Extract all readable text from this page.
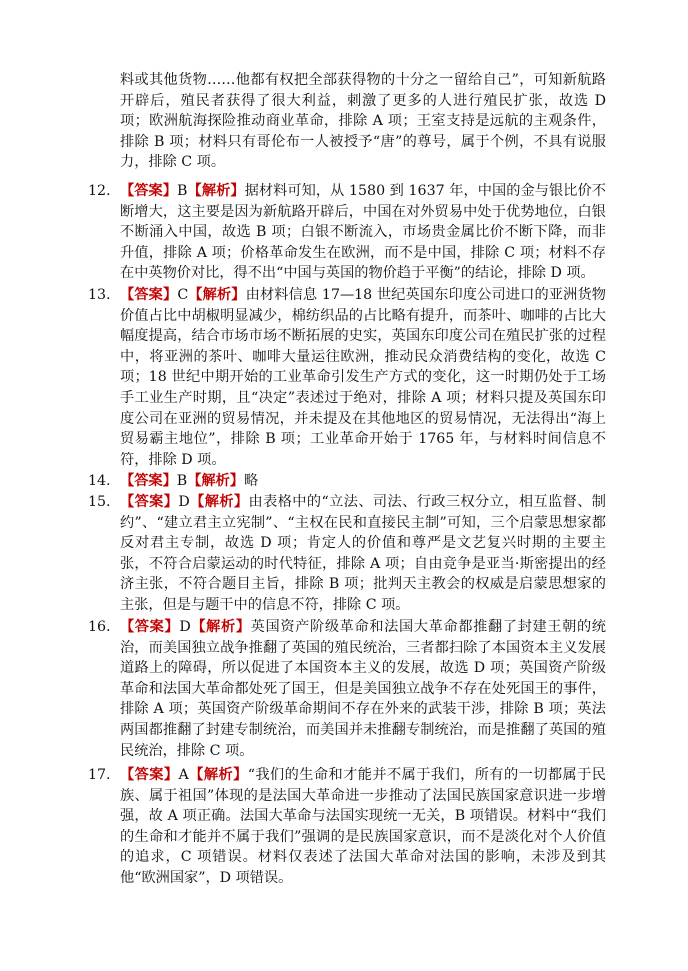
料或其他货物……他都有权把全部获得物的十分之一留给自己”，可知新航路开辟后，殖民者获得了很大利益，刺激了更多的人进行殖民扩张，故选 D 项；欧洲航海探险推动商业革命，排除 A 项；王室支持是远航的主观条件，排除 B 项；材料只有哥伦布一人被授予“唐”的尊号，属于个例，不具有说服力，排除 C 项。
12. 【答案】B【解析】据材料可知，从 1580 到 1637 年，中国的金与银比价不断增大，这主要是因为新航路开辟后，中国在对外贸易中处于优势地位，白银不断涌入中国，故选 B 项；白银不断流入，市场贵金属比价不断下降，而非升值，排除 A 项；价格革命发生在欧洲，而不是中国，排除 C 项；材料不存在中英物价对比，得不出“中国与英国的物价趋于平衡”的结论，排除 D 项。
13. 【答案】C【解析】由材料信息 17—18 世纪英国东印度公司进口的亚洲货物价值占比中胡椒明显减少，棉纺织品的占比略有提升，而茶叶、咖啡的占比大幅度提高，结合市场市场不断拓展的史实，英国东印度公司在殖民扩张的过程中，将亚洲的茶叶、咖啡大量运往欧洲，推动民众消费结构的变化，故选 C 项；18 世纪中期开始的工业革命引发生产方式的变化，这一时期仍处于工场手工业生产时期，且“决定”表述过于绝对，排除 A 项；材料只提及英国东印度公司在亚洲的贸易情况，并未提及在其他地区的贸易情况，无法得出“海上贸易霸主地位”，排除 B 项；工业革命开始于 1765 年，与材料时间信息不符，排除 D 项。
14. 【答案】B【解析】略
15. 【答案】D【解析】由表格中的“立法、司法、行政三权分立，相互监督、制约”、“建立君主立宪制”、“主权在民和直接民主制”可知，三个启蒙思想家都反对君主专制，故选 D 项；肯定人的价值和尊严是文艺复兴时期的主要主张，不符合启蒙运动的时代特征，排除 A 项；自由竞争是亚当·斯密提出的经济主张，不符合题目主旨，排除 B 项；批判天主教会的权威是启蒙思想家的主张，但是与题干中的信息不符，排除 C 项。
16. 【答案】D【解析】英国资产阶级革命和法国大革命都推翻了封建王朝的统治，而美国独立战争推翻了英国的殖民统治，三者都扫除了本国资本主义发展道路上的障碍，所以促进了本国资本主义的发展，故选 D 项；英国资产阶级革命和法国大革命都处死了国王，但是美国独立战争不存在处死国王的事件，排除 A 项；英国资产阶级革命期间不存在外来的武装干涉，排除 B 项；英法两国都推翻了封建专制统治，而美国并未推翻专制统治，而是推翻了英国的殖民统治，排除 C 项。
17. 【答案】A【解析】“我们的生命和才能并不属于我们，所有的一切都属于民族、属于祖国”体现的是法国大革命进一步推动了法国民族国家意识进一步增强，故 A 项正确。法国大革命与法国实现统一无关，B 项错误。材料中“我们的生命和才能并不属于我们”强调的是民族国家意识，而不是淡化对个人价值的追求，C 项错误。材料仅表述了法国大革命对法国的影响，未涉及到其他“欧洲国家”，D 项错误。
